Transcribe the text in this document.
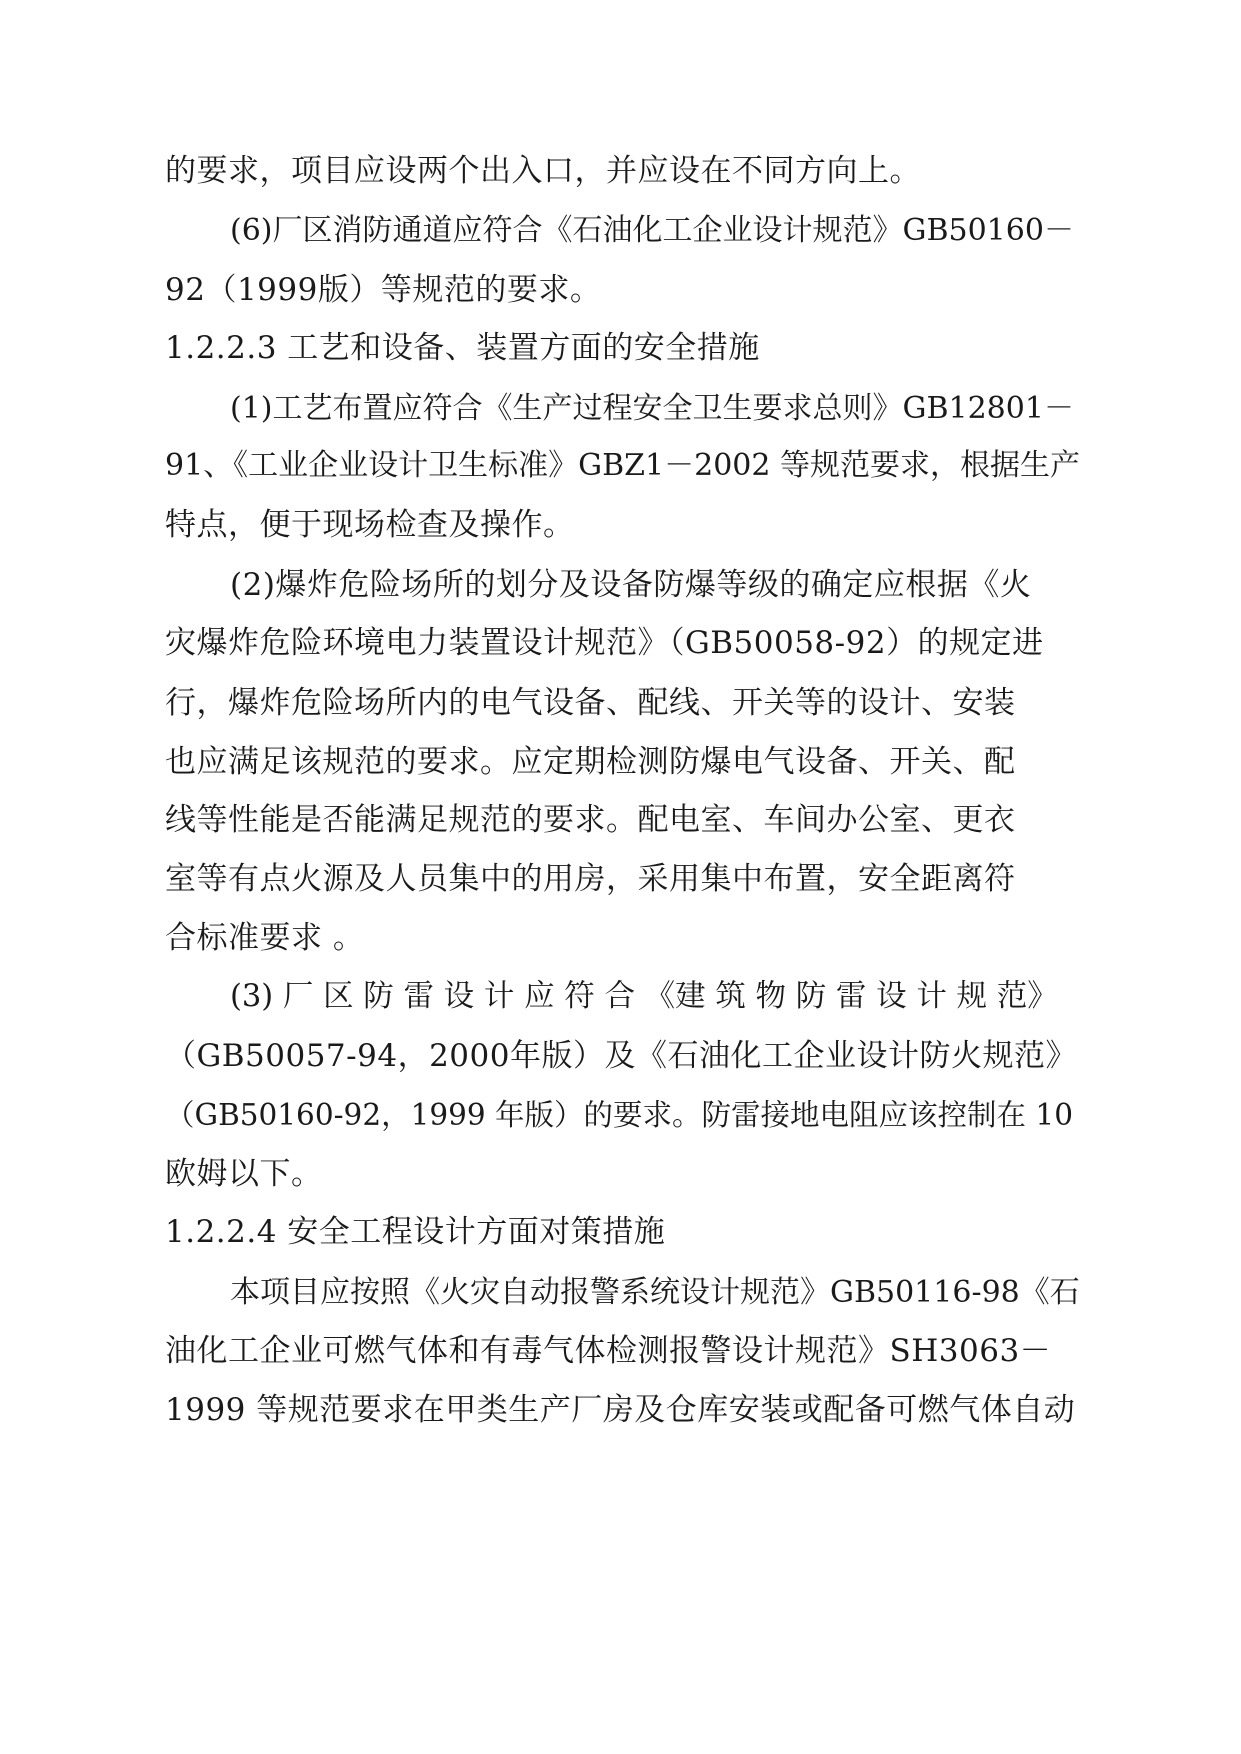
的要求，项目应设两个出入口，并应设在不同方向上。
(6)厂区消防通道应符合《石油化工企业设计规范》GB50160－
92（1999版）等规范的要求。
1.2.2.3 工艺和设备、装置方面的安全措施
(1)工艺布置应符合《生产过程安全卫生要求总则》GB12801－
91、《工业企业设计卫生标准》GBZ1－2002 等规范要求，根据生产
特点，便于现场检查及操作。
(2)爆炸危险场所的划分及设备防爆等级的确定应根据《火
灾爆炸危险环境电力装置设计规范》（GB50058-92）的规定进
行，爆炸危险场所内的电气设备、配线、开关等的设计、安装
也应满足该规范的要求。应定期检测防爆电气设备、开关、配
线等性能是否能满足规范的要求。配电室、车间办公室、更衣
室等有点火源及人员集中的用房，采用集中布置，安全距离符
合标准要求 。
(3) 厂 区 防 雷 设 计 应 符 合 《建 筑 物 防 雷 设 计 规 范》
（GB50057-94，2000年版）及《石油化工企业设计防火规范》
（GB50160-92，1999 年版）的要求。防雷接地电阻应该控制在 10
欧姆以下。
1.2.2.4 安全工程设计方面对策措施
本项目应按照《火灾自动报警系统设计规范》GB50116-98《石
油化工企业可燃气体和有毒气体检测报警设计规范》SH3063－
1999 等规范要求在甲类生产厂房及仓库安装或配备可燃气体自动
